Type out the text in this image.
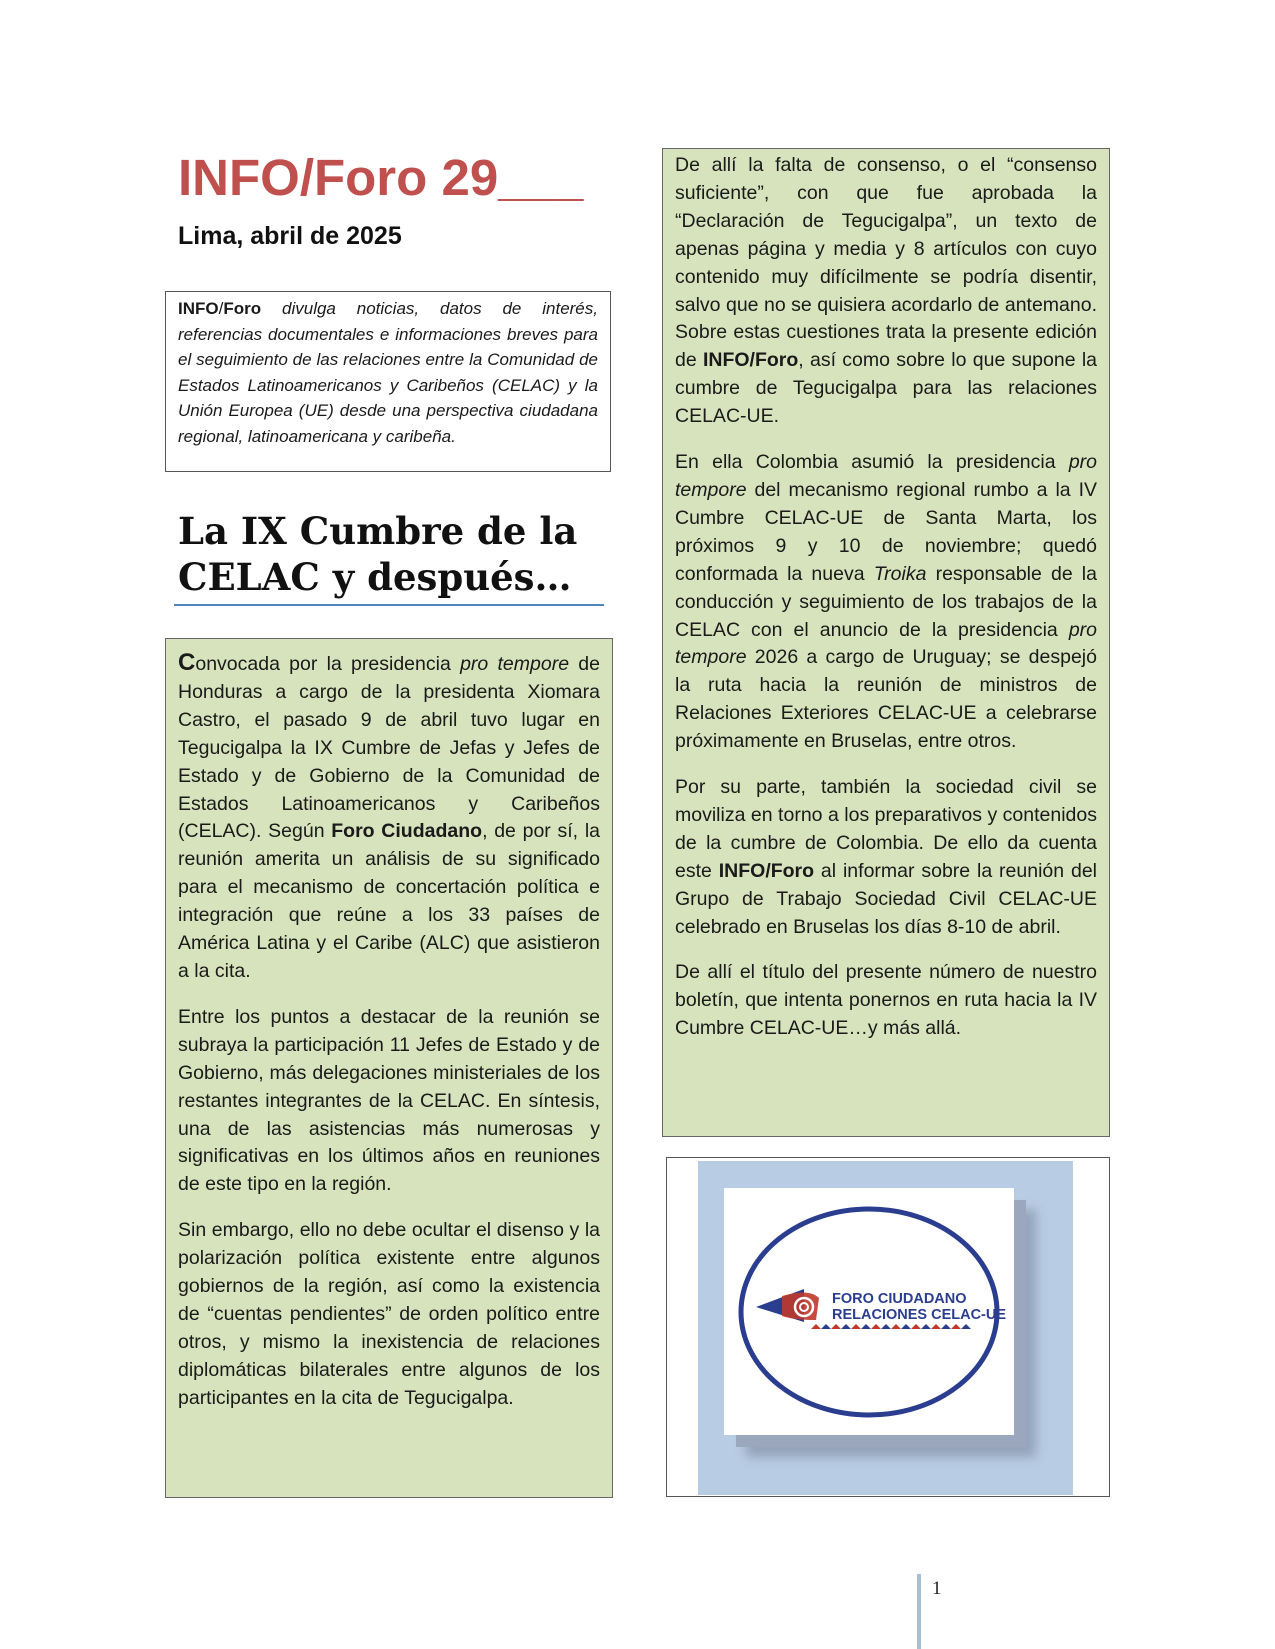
INFO/Foro 29___
Lima, abril de 2025
INFO/Foro divulga noticias, datos de interés, referencias documentales e informaciones breves para el seguimiento de las relaciones entre la Comunidad de Estados Latinoamericanos y Caribeños (CELAC) y la Unión Europea (UE) desde una perspectiva ciudadana regional, latinoamericana y caribeña.
La IX Cumbre de la CELAC y después…

Convocada por la presidencia pro tempore de Honduras a cargo de la presidenta Xiomara Castro, el pasado 9 de abril tuvo lugar en Tegucigalpa la IX Cumbre de Jefas y Jefes de Estado y de Gobierno de la Comunidad de Estados Latinoamericanos y Caribeños (CELAC). Según Foro Ciudadano, de por sí, la reunión amerita un análisis de su significado para el mecanismo de concertación política e integración que reúne a los 33 países de América Latina y el Caribe (ALC) que asistieron a la cita.

Entre los puntos a destacar de la reunión se subraya la participación 11 Jefes de Estado y de Gobierno, más delegaciones ministeriales de los restantes integrantes de la CELAC. En síntesis, una de las asistencias más numerosas y significativas en los últimos años en reuniones de este tipo en la región.

Sin embargo, ello no debe ocultar el disenso y la polarización política existente entre algunos gobiernos de la región, así como la existencia de “cuentas pendientes” de orden político entre otros, y mismo la inexistencia de relaciones diplomáticas bilaterales entre algunos de los participantes en la cita de Tegucigalpa.

De allí la falta de consenso, o el “consenso suficiente”, con que fue aprobada la “Declaración de Tegucigalpa”, un texto de apenas página y media y 8 artículos con cuyo contenido muy difícilmente se podría disentir, salvo que no se quisiera acordarlo de antemano. Sobre estas cuestiones trata la presente edición de INFO/Foro, así como sobre lo que supone la cumbre de Tegucigalpa para las relaciones CELAC-UE.

En ella Colombia asumió la presidencia pro tempore del mecanismo regional rumbo a la IV Cumbre CELAC-UE de Santa Marta, los próximos 9 y 10 de noviembre; quedó conformada la nueva Troika responsable de la conducción y seguimiento de los trabajos de la CELAC con el anuncio de la presidencia pro tempore 2026 a cargo de Uruguay; se despejó la ruta hacia la reunión de ministros de Relaciones Exteriores CELAC-UE a celebrarse próximamente en Bruselas, entre otros.

Por su parte, también la sociedad civil se moviliza en torno a los preparativos y contenidos de la cumbre de Colombia. De ello da cuenta este INFO/Foro al informar sobre la reunión del Grupo de Trabajo Sociedad Civil CELAC-UE celebrado en Bruselas los días 8-10 de abril.

De allí el título del presente número de nuestro boletín, que intenta ponernos en ruta hacia la IV Cumbre CELAC-UE…y más allá.

FORO CIUDADANO
RELACIONES CELAC-UE
1
